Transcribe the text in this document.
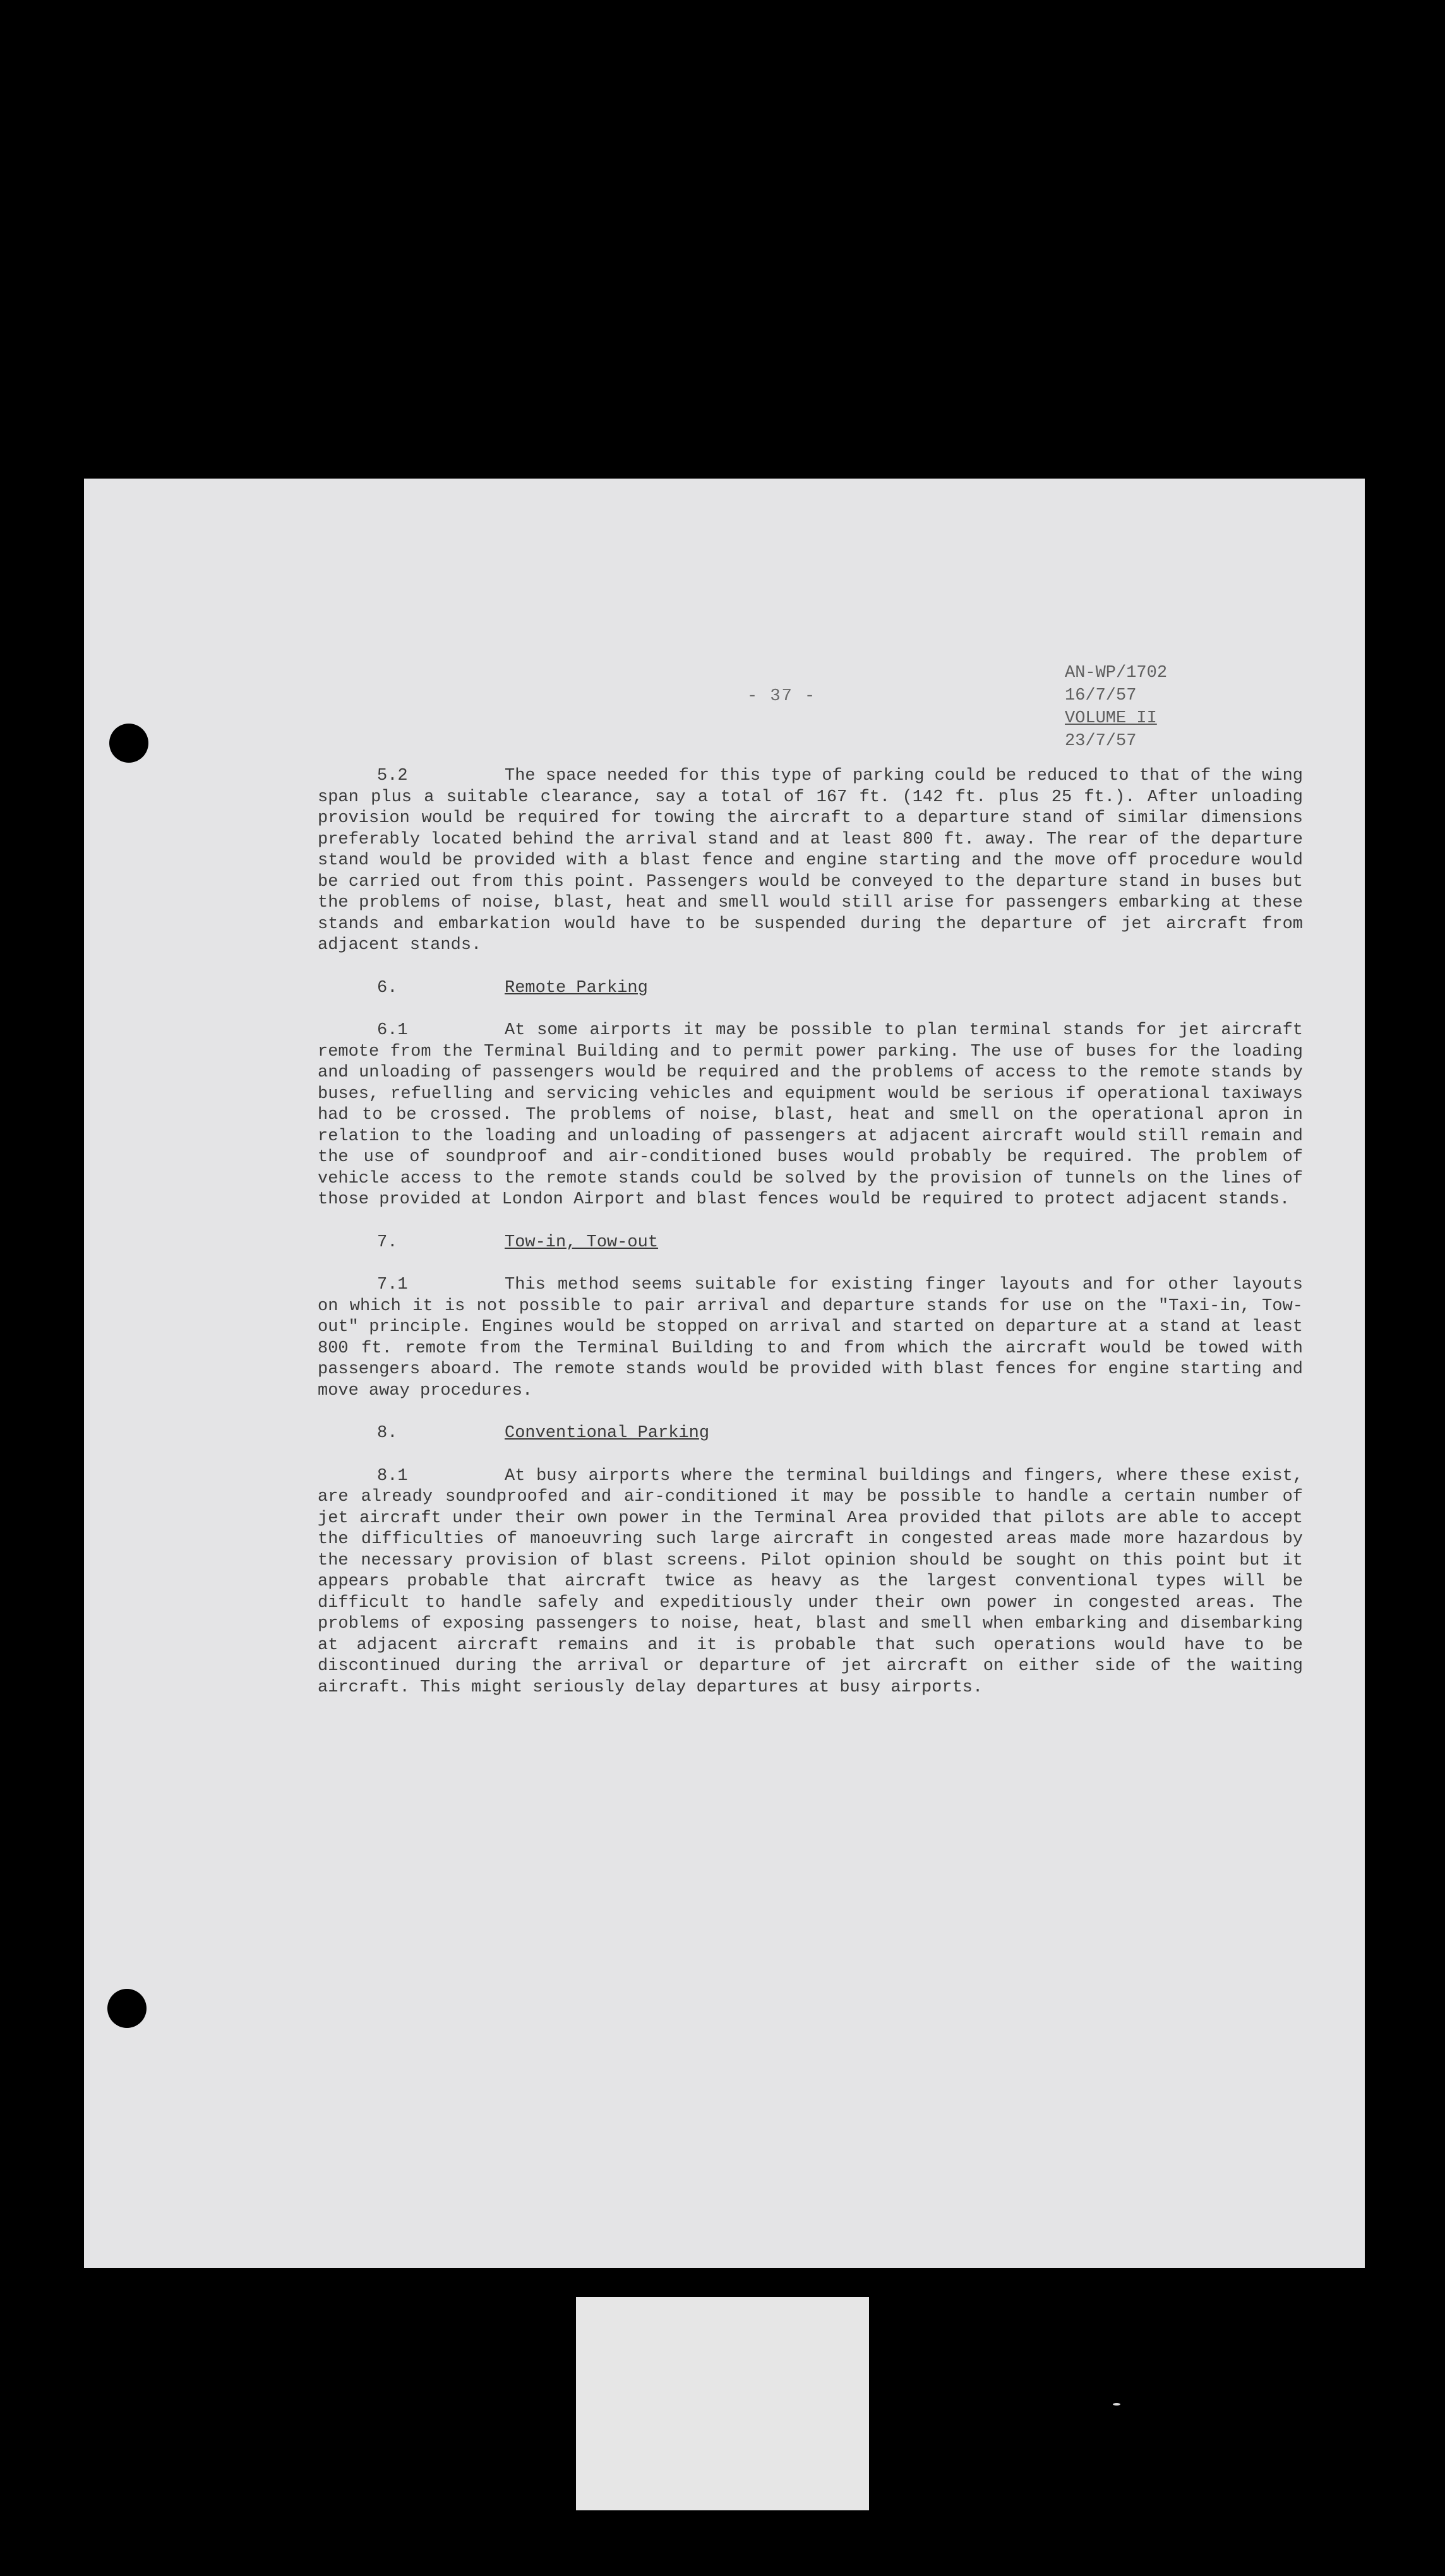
- 37 -
AN-WP/1702
16/7/57
VOLUME II
23/7/57

5.2	The space needed for this type of parking could be reduced to that of the wing span plus a suitable clearance, say a total of 167 ft. (142 ft. plus 25 ft.). After unloading provision would be required for towing the aircraft to a departure stand of similar dimensions preferably located behind the arrival stand and at least 800 ft. away. The rear of the departure stand would be provided with a blast fence and engine starting and the move off procedure would be carried out from this point. Passengers would be conveyed to the departure stand in buses but the problems of noise, blast, heat and smell would still arise for passengers embarking at these stands and embarkation would have to be suspended during the departure of jet aircraft from adjacent stands.

6.	Remote Parking

6.1	At some airports it may be possible to plan terminal stands for jet aircraft remote from the Terminal Building and to permit power parking. The use of buses for the loading and unloading of passengers would be required and the problems of access to the remote stands by buses, refuelling and servicing vehicles and equipment would be serious if operational taxiways had to be crossed. The problems of noise, blast, heat and smell on the operational apron in relation to the loading and unloading of passengers at adjacent aircraft would still remain and the use of soundproof and air-conditioned buses would probably be required. The problem of vehicle access to the remote stands could be solved by the provision of tunnels on the lines of those provided at London Airport and blast fences would be required to protect adjacent stands.

7.	Tow-in, Tow-out

7.1	This method seems suitable for existing finger layouts and for other layouts on which it is not possible to pair arrival and departure stands for use on the "Taxi-in, Tow-out" principle. Engines would be stopped on arrival and started on departure at a stand at least 800 ft. remote from the Terminal Building to and from which the aircraft would be towed with passengers aboard. The remote stands would be provided with blast fences for engine starting and move away procedures.

8.	Conventional Parking

8.1	At busy airports where the terminal buildings and fingers, where these exist, are already soundproofed and air-conditioned it may be possible to handle a certain number of jet aircraft under their own power in the Terminal Area provided that pilots are able to accept the difficulties of manoeuvring such large aircraft in congested areas made more hazardous by the necessary provision of blast screens. Pilot opinion should be sought on this point but it appears probable that aircraft twice as heavy as the largest conventional types will be difficult to handle safely and expeditiously under their own power in congested areas. The problems of exposing passengers to noise, heat, blast and smell when embarking and disembarking at adjacent aircraft remains and it is probable that such operations would have to be discontinued during the arrival or departure of jet aircraft on either side of the waiting aircraft. This might seriously delay departures at busy airports.
